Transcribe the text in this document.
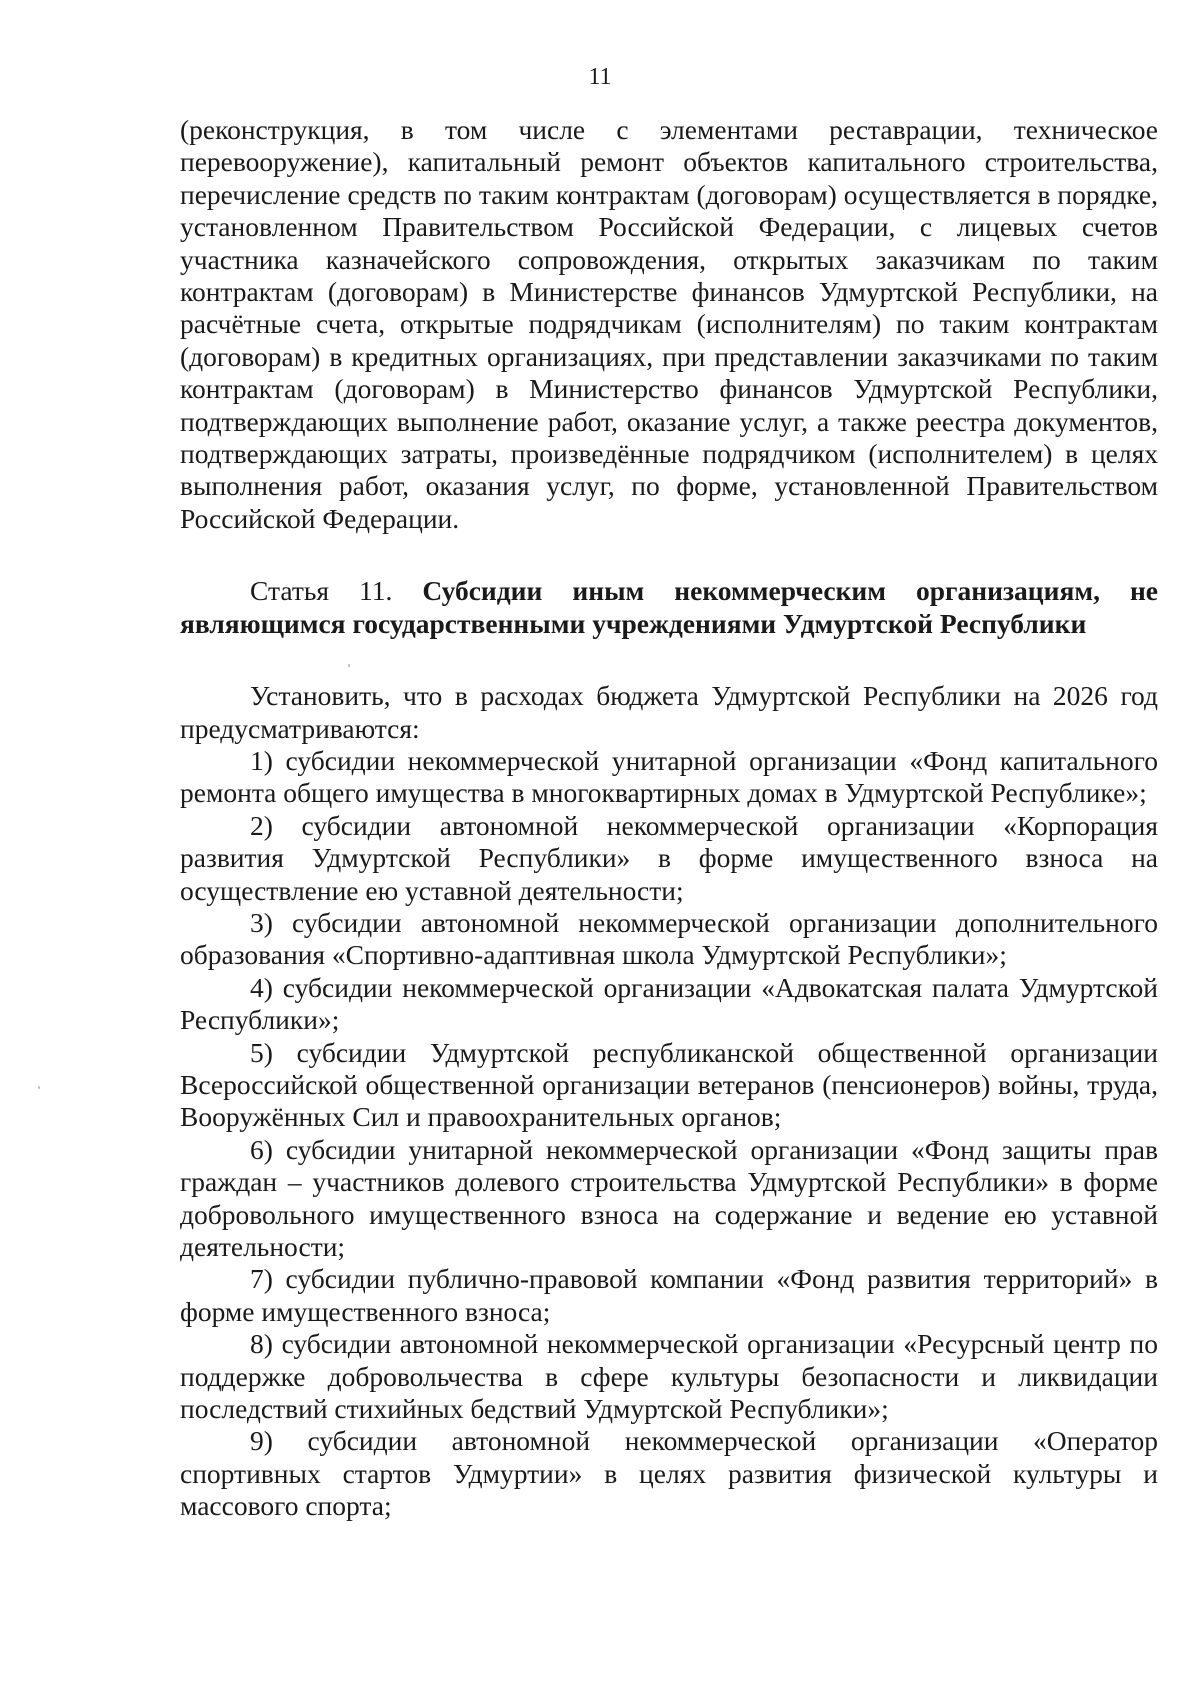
11

(реконструкция, в том числе с элементами реставрации, техническое перевооружение), капитальный ремонт объектов капитального строительства, перечисление средств по таким контрактам (договорам) осуществляется в порядке, установленном Правительством Российской Федерации, с лицевых счетов участника казначейского сопровождения, открытых заказчикам по таким контрактам (договорам) в Министерстве финансов Удмуртской Республики, на расчётные счета, открытые подрядчикам (исполнителям) по таким контрактам (договорам) в кредитных организациях, при представлении заказчиками по таким контрактам (договорам) в Министерство финансов Удмуртской Республики, подтверждающих выполнение работ, оказание услуг, а также реестра документов, подтверждающих затраты, произведённые подрядчиком (исполнителем) в целях выполнения работ, оказания услуг, по форме, установленной Правительством Российской Федерации.

Статья 11. Субсидии иным некоммерческим организациям, не являющимся государственными учреждениями Удмуртской Республики

Установить, что в расходах бюджета Удмуртской Республики на 2026 год предусматриваются:

1) субсидии некоммерческой унитарной организации «Фонд капитального ремонта общего имущества в многоквартирных домах в Удмуртской Республике»;

2) субсидии автономной некоммерческой организации «Корпорация развития Удмуртской Республики» в форме имущественного взноса на осуществление ею уставной деятельности;

3) субсидии автономной некоммерческой организации дополнительного образования «Спортивно-адаптивная школа Удмуртской Республики»;

4) субсидии некоммерческой организации «Адвокатская палата Удмуртской Республики»;

5) субсидии Удмуртской республиканской общественной организации Всероссийской общественной организации ветеранов (пенсионеров) войны, труда, Вооружённых Сил и правоохранительных органов;

6) субсидии унитарной некоммерческой организации «Фонд защиты прав граждан – участников долевого строительства Удмуртской Республики» в форме добровольного имущественного взноса на содержание и ведение ею уставной деятельности;

7) субсидии публично-правовой компании «Фонд развития территорий» в форме имущественного взноса;

8) субсидии автономной некоммерческой организации «Ресурсный центр по поддержке добровольчества в сфере культуры безопасности и ликвидации последствий стихийных бедствий Удмуртской Республики»;

9) субсидии автономной некоммерческой организации «Оператор спортивных стартов Удмуртии» в целях развития физической культуры и массового спорта;
